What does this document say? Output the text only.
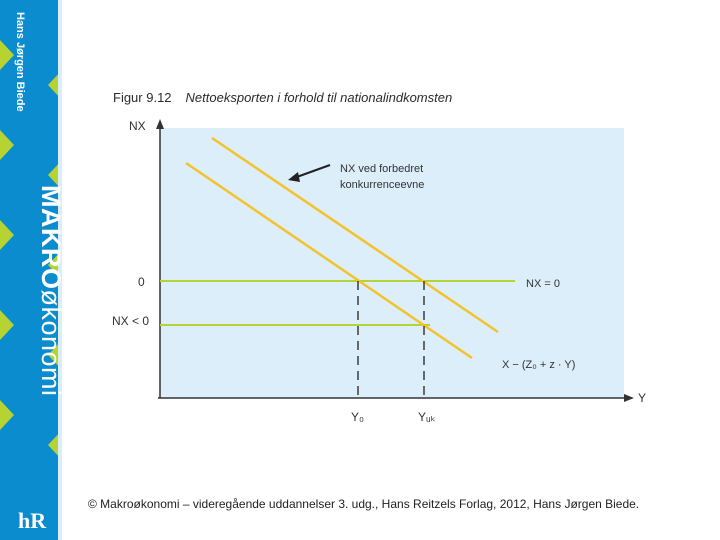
Hans Jørgen Biede
MAKROøkonomi
hR
Figur 9.12 Nettoeksporten i forhold til nationalindkomsten
NX
Y
0
NX < 0
NX = 0
X − (Z₀ + z · Y)
NX ved forbedret
konkurrenceevne
Y₀	Yᵤₖ
© Makroøkonomi – videregående uddannelser 3. udg., Hans Reitzels Forlag, 2012, Hans Jørgen Biede.
